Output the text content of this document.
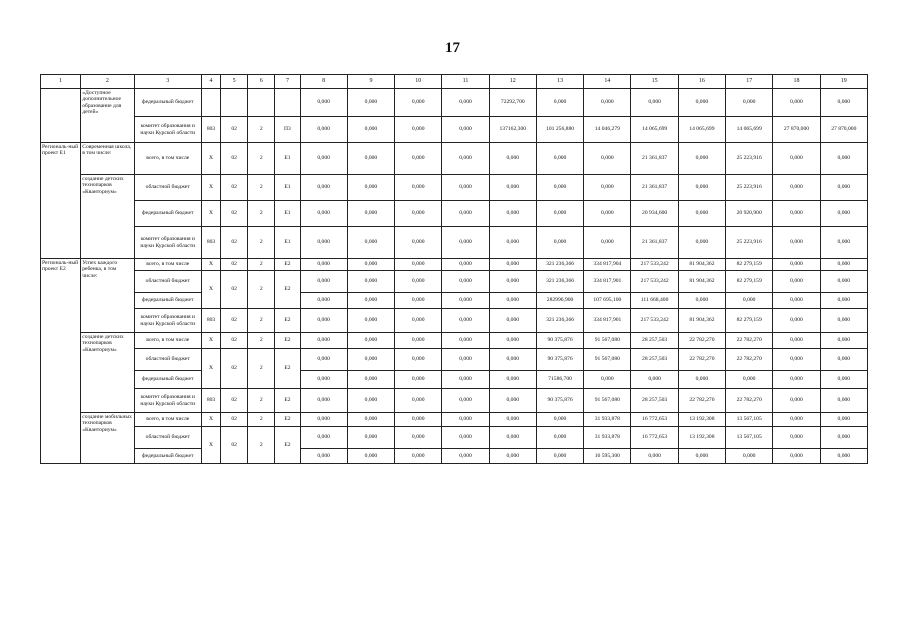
17
1	2	3	4	5	6	7	8	9	10	11	12	13	14	15	16	17	18	19
	«Доступное дополнительное образование для детей»	федеральный бюджет					0,000	0,000	0,000	0,000	72292,700	0,000	0,000	0,000	0,000	0,000	0,000	0,000
		комитет образования и науки Курской области	803	02	2	П3	0,000	0,000	0,000	0,000	137162,300	101 256,880	14 046,279	14 065,699	14 065,699	14 065,699	27 870,000	27 870,000
Региональ-ный проект Е1	Современная школа, в том числе:	всего, в том числе	Х	02	2	Е1	0,000	0,000	0,000	0,000	0,000	0,000	0,000	21 361,837	0,000	25 223,916	0,000	0,000
	создание детских технопарков «Кванториум»	областной бюджет	Х	02	2	Е1	0,000	0,000	0,000	0,000	0,000	0,000	0,000	21 361,837	0,000	25 223,916	0,000	0,000
		федеральный бюджет	Х	02	2	Е1	0,000	0,000	0,000	0,000	0,000	0,000	0,000	20 934,600	0,000	20 920,900	0,000	0,000
		комитет образования и науки Курской области	803	02	2	Е1	0,000	0,000	0,000	0,000	0,000	0,000	0,000	21 361,837	0,000	25 223,916	0,000	0,000
Региональ-ный проект Е2	Успех каждого ребенка, в том числе:	всего, в том числе	Х	02	2	Е2	0,000	0,000	0,000	0,000	0,000	321 236,366	334 817,904	217 533,242	81 904,362	82 279,159	0,000	0,000
		областной бюджет	Х	02	2	Е2	0,000	0,000	0,000	0,000	0,000	321 236,366	334 817,901	217 533,242	81 904,362	82 279,159	0,000	0,000
		федеральный бюджет					0,000	0,000	0,000	0,000	0,000	282996,900	107 695,100	111 668,400	0,000	0,000	0,000	0,000
		комитет образования и науки Курской области	803	02	2	Е2	0,000	0,000	0,000	0,000	0,000	321 236,366	334 817,901	217 533,242	81 904,362	82 279,159	0,000	0,000
	создание детских технопарков «Кванториум»	всего, в том числе	Х	02	2	Е2	0,000	0,000	0,000	0,000	0,000	90 375,876	91 567,080	28 257,503	22 782,270	22 782,270	0,000	0,000
		областной бюджет	Х	02	2	Е2	0,000	0,000	0,000	0,000	0,000	90 375,876	91 567,080	28 257,503	22 782,270	22 782,270	0,000	0,000
		федеральный бюджет					0,000	0,000	0,000	0,000	0,000	71586,700	0,000	0,000	0,000	0,000	0,000	0,000
		комитет образования и науки Курской области	803	02	2	Е2	0,000	0,000	0,000	0,000	0,000	90 375,876	91 567,080	28 257,503	22 782,270	22 782,270	0,000	0,000
	создание мобильных технопарков «Кванториум»	всего, в том числе	Х	02	2	Е2	0,000	0,000	0,000	0,000	0,000	0,000	31 933,878	16 772,653	13 192,308	13 567,105	0,000	0,000
		областной бюджет	Х	02	2	Е2	0,000	0,000	0,000	0,000	0,000	0,000	31 933,878	16 772,653	13 192,308	13 567,105	0,000	0,000
		федеральный бюджет					0,000	0,000	0,000	0,000	0,000	0,000	16 595,300	0,000	0,000	0,000	0,000	0,000
